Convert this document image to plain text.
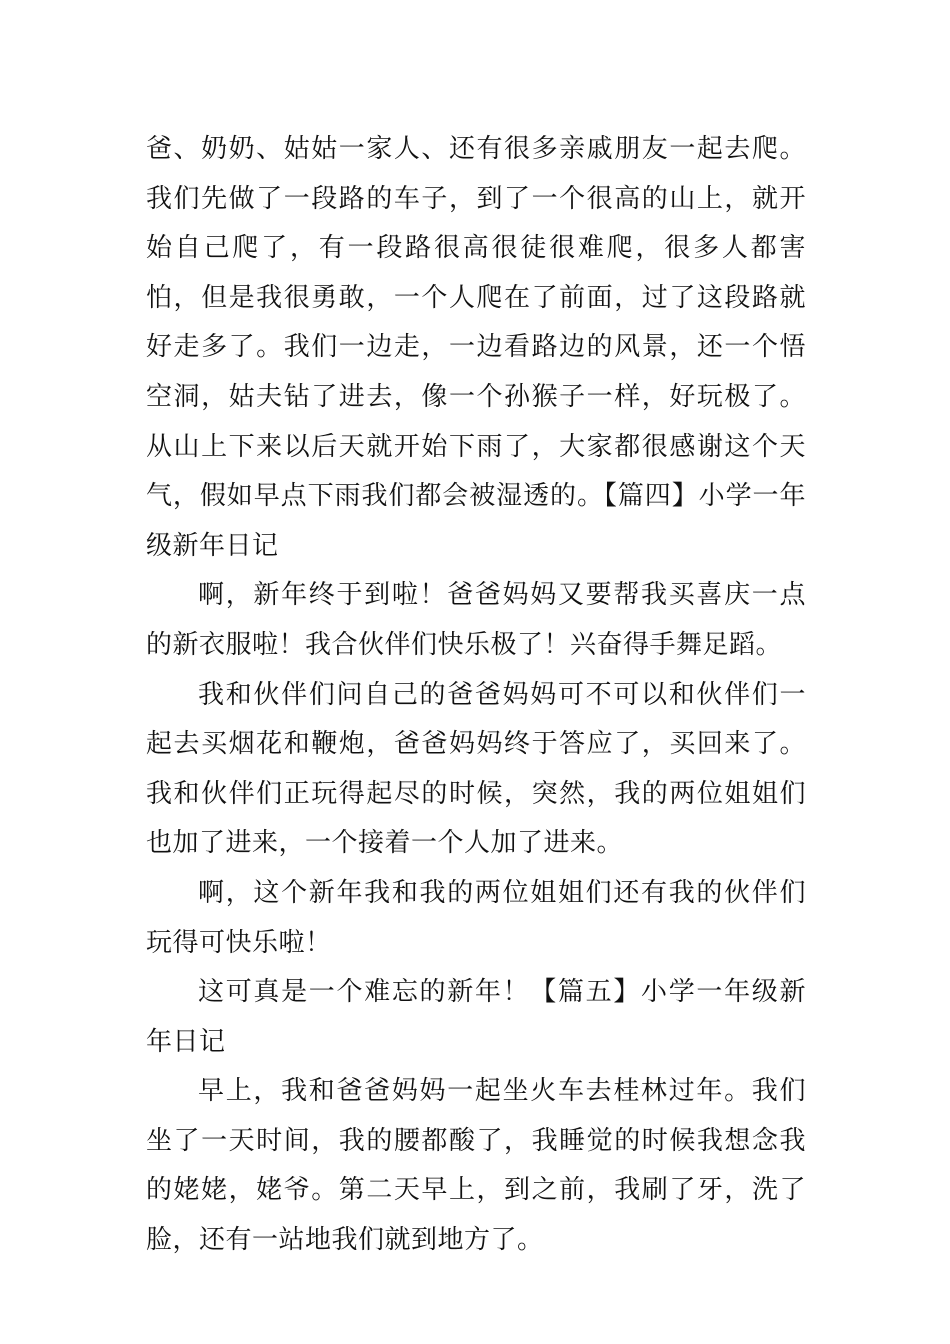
爸、奶奶、姑姑一家人、还有很多亲戚朋友一起去爬。我们先做了一段路的车子，到了一个很高的山上，就开始自己爬了，有一段路很高很徒很难爬，很多人都害怕，但是我很勇敢，一个人爬在了前面，过了这段路就好走多了。我们一边走，一边看路边的风景，还一个悟空洞，姑夫钻了进去，像一个孙猴子一样，好玩极了。从山上下来以后天就开始下雨了，大家都很感谢这个天气，假如早点下雨我们都会被湿透的。【篇四】小学一年级新年日记

啊，新年终于到啦！爸爸妈妈又要帮我买喜庆一点的新衣服啦！我合伙伴们快乐极了！兴奋得手舞足蹈。

我和伙伴们问自己的爸爸妈妈可不可以和伙伴们一起去买烟花和鞭炮，爸爸妈妈终于答应了，买回来了。我和伙伴们正玩得起尽的时候，突然，我的两位姐姐们也加了进来，一个接着一个人加了进来。

啊，这个新年我和我的两位姐姐们还有我的伙伴们玩得可快乐啦！

这可真是一个难忘的新年！【篇五】小学一年级新年日记

早上，我和爸爸妈妈一起坐火车去桂林过年。我们坐了一天时间，我的腰都酸了，我睡觉的时候我想念我的姥姥，姥爷。第二天早上，到之前，我刷了牙，洗了脸，还有一站地我们就到地方了。
